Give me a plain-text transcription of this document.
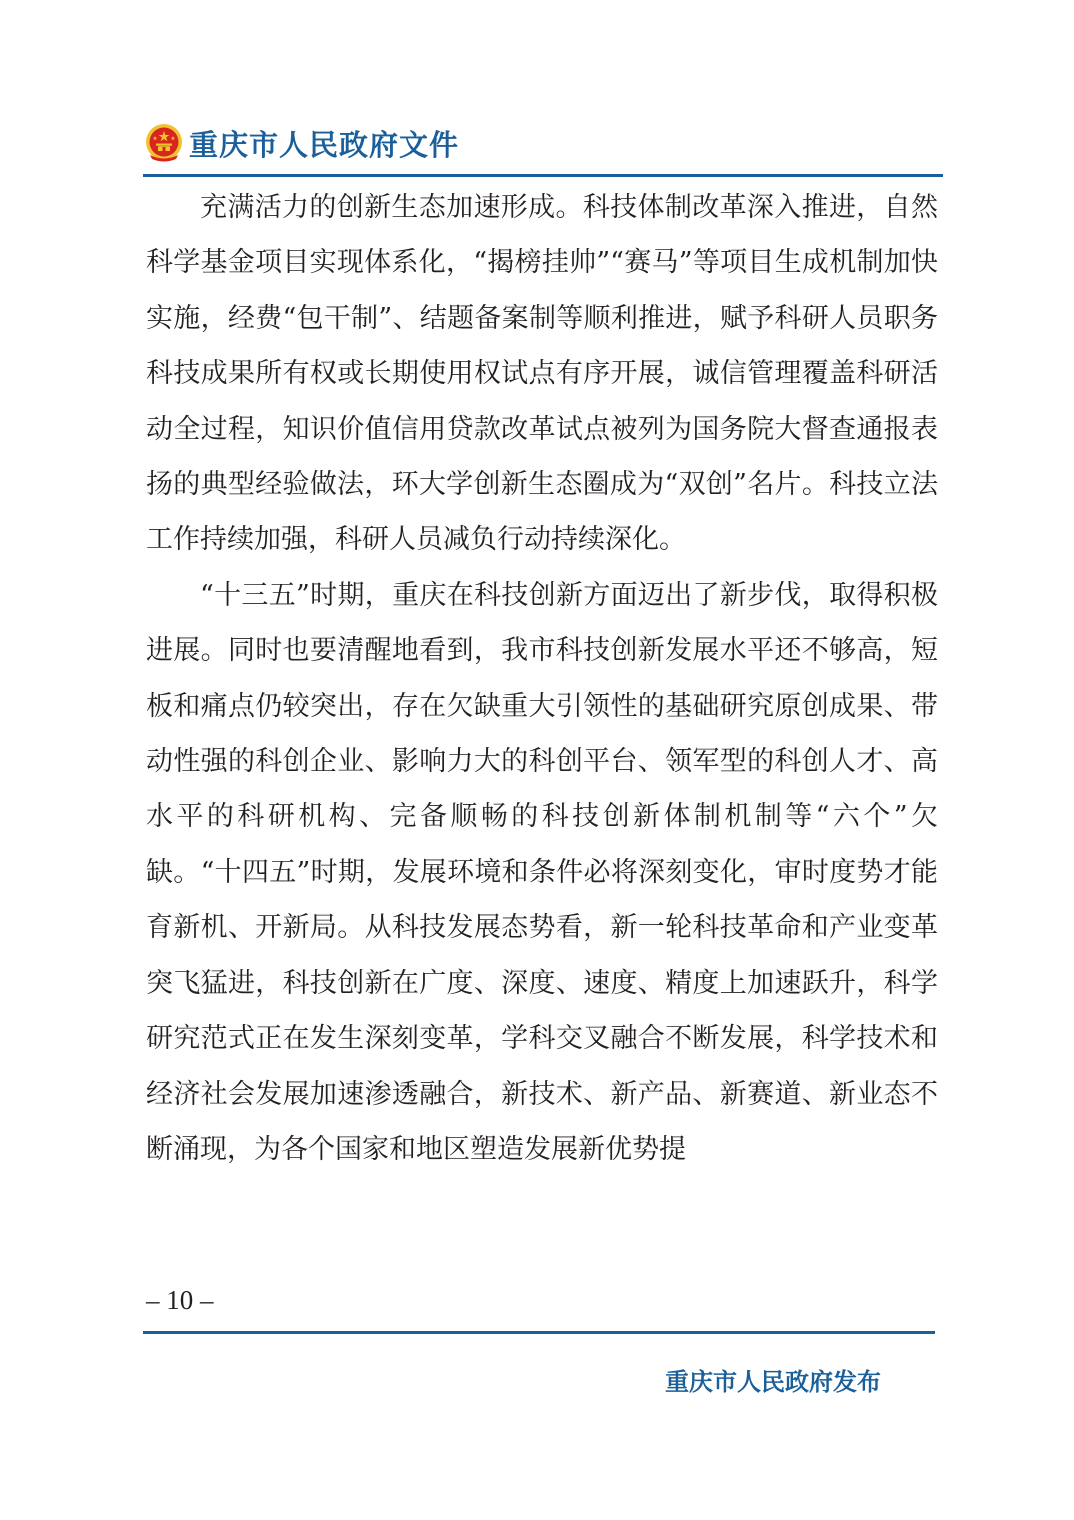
重庆市人民政府文件

充满活力的创新生态加速形成。科技体制改革深入推进，自然科学基金项目实现体系化，“揭榜挂帅”“赛马”等项目生成机制加快实施，经费“包干制”、结题备案制等顺利推进，赋予科研人员职务科技成果所有权或长期使用权试点有序开展，诚信管理覆盖科研活动全过程，知识价值信用贷款改革试点被列为国务院大督查通报表扬的典型经验做法，环大学创新生态圈成为“双创”名片。科技立法工作持续加强，科研人员减负行动持续深化。

“十三五”时期，重庆在科技创新方面迈出了新步伐，取得积极进展。同时也要清醒地看到，我市科技创新发展水平还不够高，短板和痛点仍较突出，存在欠缺重大引领性的基础研究原创成果、带动性强的科创企业、影响力大的科创平台、领军型的科创人才、高水平的科研机构、完备顺畅的科技创新体制机制等“六个”欠缺。“十四五”时期，发展环境和条件必将深刻变化，审时度势才能育新机、开新局。从科技发展态势看，新一轮科技革命和产业变革突飞猛进，科技创新在广度、深度、速度、精度上加速跃升，科学研究范式正在发生深刻变革，学科交叉融合不断发展，科学技术和经济社会发展加速渗透融合，新技术、新产品、新赛道、新业态不断涌现，为各个国家和地区塑造发展新优势提

– 10 –
重庆市人民政府发布
